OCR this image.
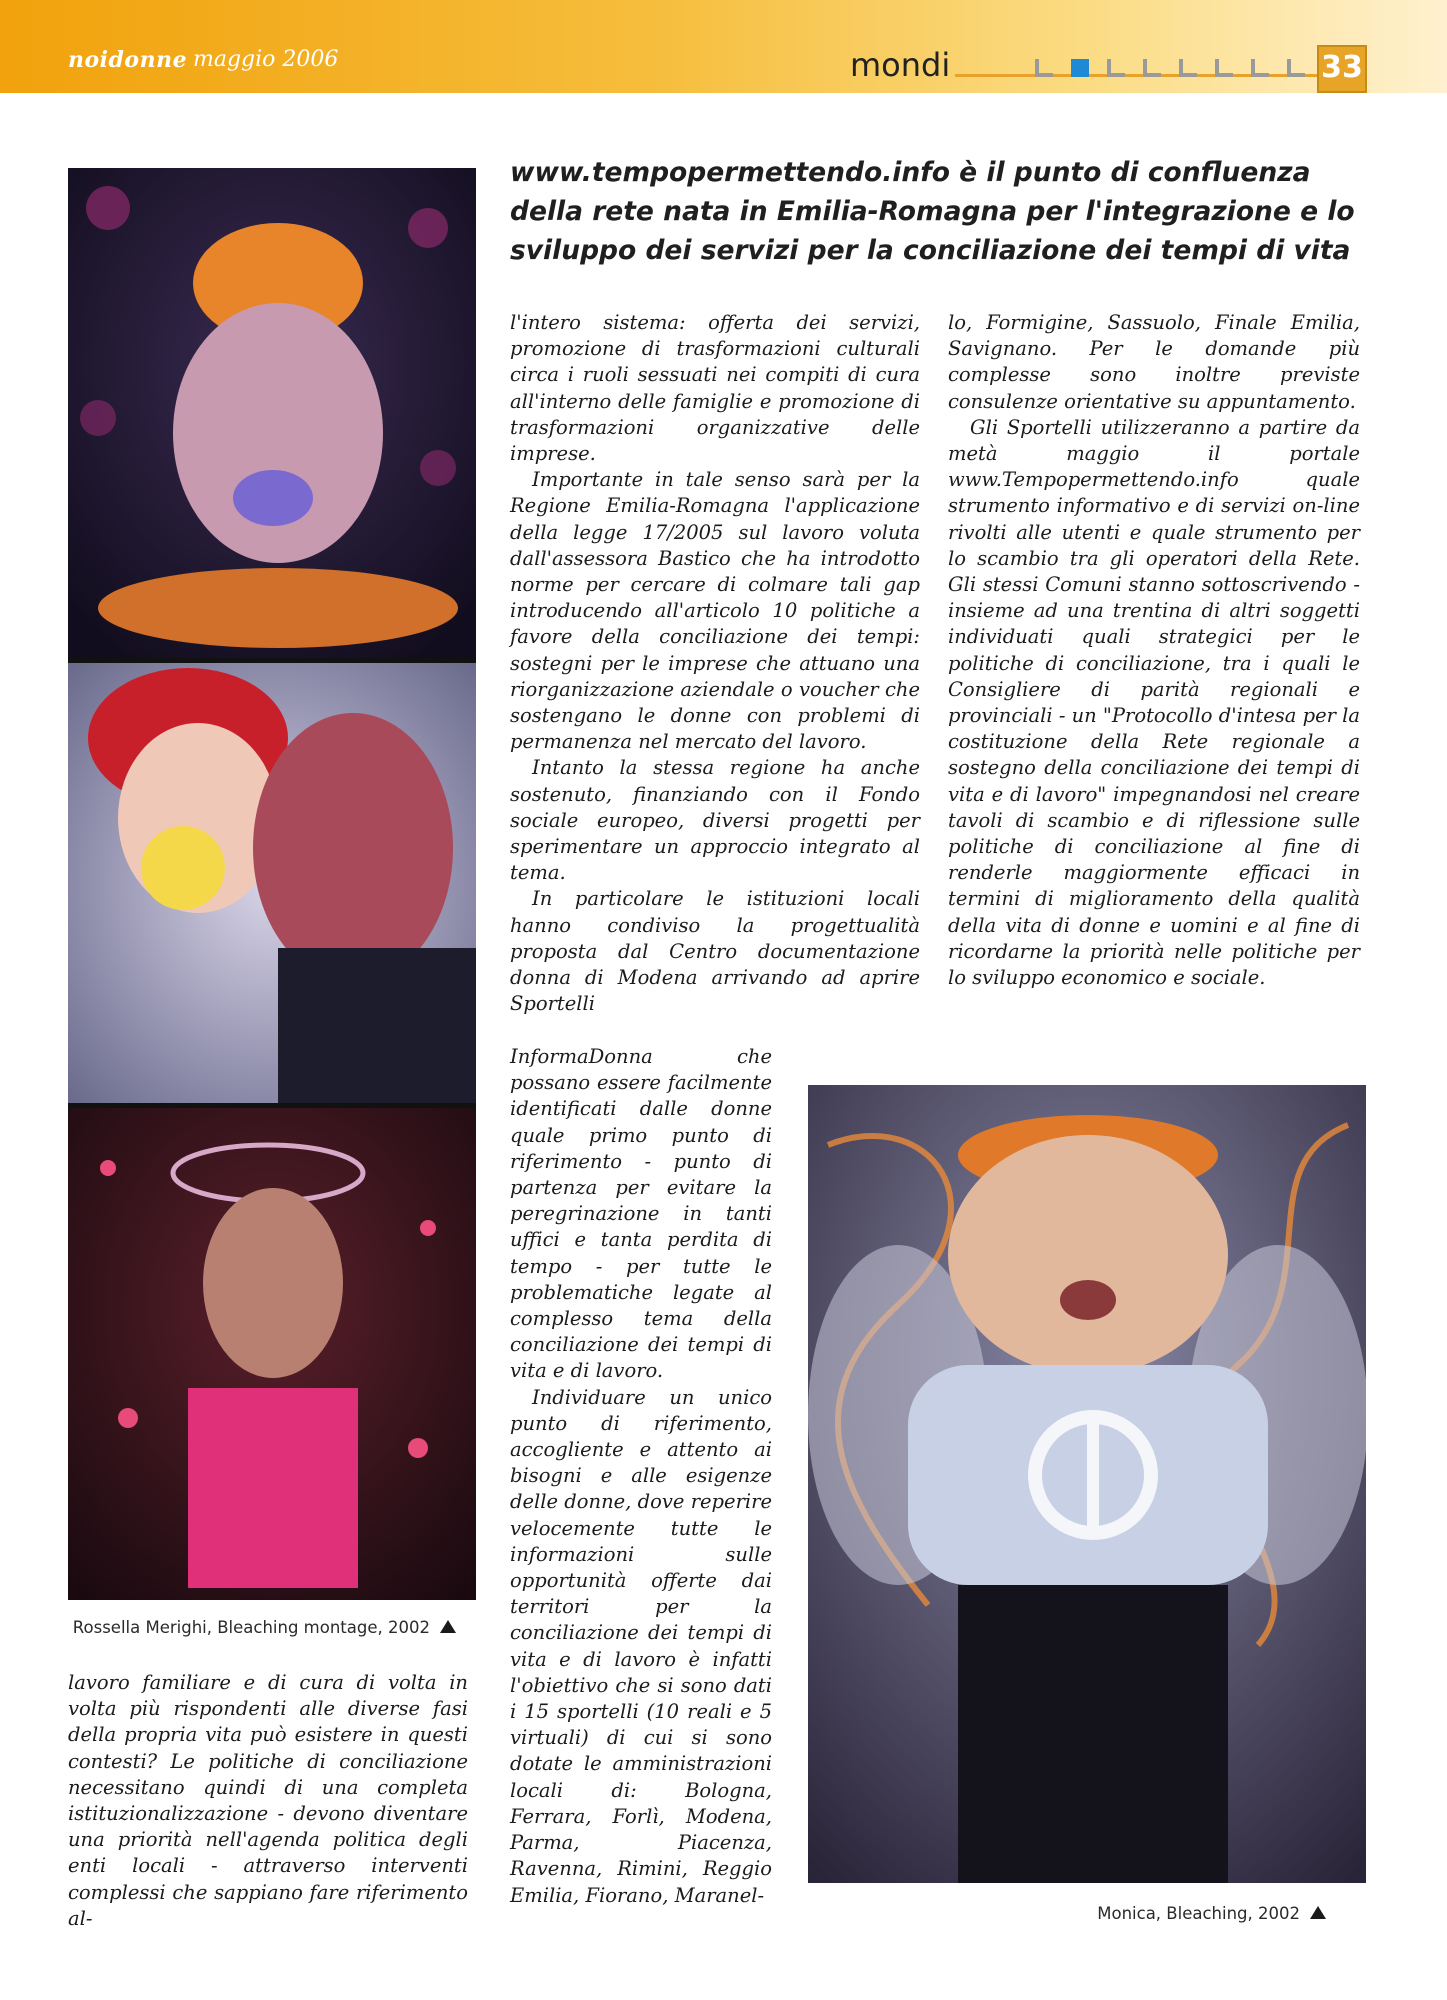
noidonne maggio 2006	mondi	33
Rossella Merighi, Bleaching montage, 2002
www.tempopermettendo.info è il punto di confluenza della rete nata in Emilia-Romagna per l'integrazione e lo sviluppo dei servizi per la conciliazione dei tempi di vita

lavoro familiare e di cura di volta in volta più rispondenti alle diverse fasi della propria vita può esistere in questi contesti? Le politiche di conciliazione necessitano quindi di una completa istituzionalizzazione - devono diventare una priorità nell'agenda politica degli enti locali - attraverso interventi complessi che sappiano fare riferimento al-

l'intero sistema: offerta dei servizi, promozione di trasformazioni culturali circa i ruoli sessuati nei compiti di cura all'interno delle famiglie e promozione di trasformazioni organizzative delle imprese.

Importante in tale senso sarà per la Regione Emilia-Romagna l'applicazione della legge 17/2005 sul lavoro voluta dall'assessora Bastico che ha introdotto norme per cercare di colmare tali gap introducendo all'articolo 10 politiche a favore della conciliazione dei tempi: sostegni per le imprese che attuano una riorganizzazione aziendale o voucher che sostengano le donne con problemi di permanenza nel mercato del lavoro.

Intanto la stessa regione ha anche sostenuto, finanziando con il Fondo sociale europeo, diversi progetti per sperimentare un approccio integrato al tema.

In particolare le istituzioni locali hanno condiviso la progettualità proposta dal Centro documentazione donna di Modena arrivando ad aprire Sportelli

InformaDonna che possano essere facilmente identificati dalle donne quale primo punto di riferimento - punto di partenza per evitare la peregrinazione in tanti uffici e tanta perdita di tempo - per tutte le problematiche legate al complesso tema della conciliazione dei tempi di vita e di lavoro.

Individuare un unico punto di riferimento, accogliente e attento ai bisogni e alle esigenze delle donne, dove reperire velocemente tutte le informazioni sulle opportunità offerte dai territori per la conciliazione dei tempi di vita e di lavoro è infatti l'obiettivo che si sono dati i 15 sportelli (10 reali e 5 virtuali) di cui si sono dotate le amministrazioni locali di: Bologna, Ferrara, Forlì, Modena, Parma, Piacenza, Ravenna, Rimini, Reggio Emilia, Fiorano, Maranel-

lo, Formigine, Sassuolo, Finale Emilia, Savignano. Per le domande più complesse sono inoltre previste consulenze orientative su appuntamento.

Gli Sportelli utilizzeranno a partire da metà maggio il portale www.Tempopermettendo.info quale strumento informativo e di servizi on-line rivolti alle utenti e quale strumento per lo scambio tra gli operatori della Rete. Gli stessi Comuni stanno sottoscrivendo - insieme ad una trentina di altri soggetti individuati quali strategici per le politiche di conciliazione, tra i quali le Consigliere di parità regionali e provinciali - un "Protocollo d'intesa per la costituzione della Rete regionale a sostegno della conciliazione dei tempi di vita e di lavoro" impegnandosi nel creare tavoli di scambio e di riflessione sulle politiche di conciliazione al fine di renderle maggiormente efficaci in termini di miglioramento della qualità della vita di donne e uomini e al fine di ricordarne la priorità nelle politiche per lo sviluppo economico e sociale.

Monica, Bleaching, 2002
